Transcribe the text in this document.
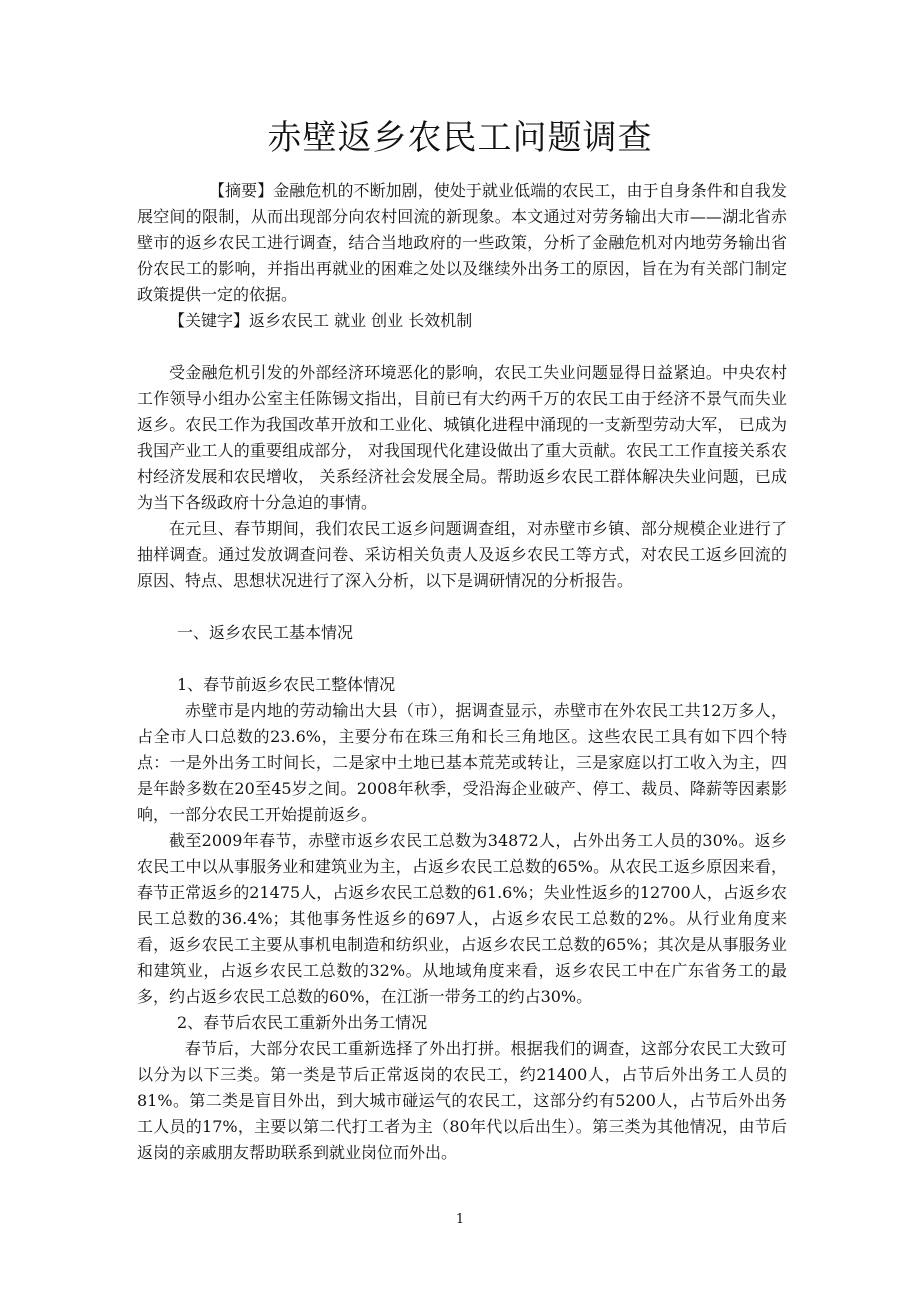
赤壁返乡农民工问题调查

【摘要】金融危机的不断加剧，使处于就业低端的农民工，由于自身条件和自我发展空间的限制，从而出现部分向农村回流的新现象。本文通过对劳务输出大市——湖北省赤壁市的返乡农民工进行调查，结合当地政府的一些政策，分析了金融危机对内地劳务输出省份农民工的影响，并指出再就业的困难之处以及继续外出务工的原因，旨在为有关部门制定政策提供一定的依据。

【关键字】返乡农民工 就业 创业 长效机制

受金融危机引发的外部经济环境恶化的影响，农民工失业问题显得日益紧迫。中央农村工作领导小组办公室主任陈锡文指出，目前已有大约两千万的农民工由于经济不景气而失业返乡。农民工作为我国改革开放和工业化、城镇化进程中涌现的一支新型劳动大军， 已成为我国产业工人的重要组成部分， 对我国现代化建设做出了重大贡献。农民工工作直接关系农村经济发展和农民增收， 关系经济社会发展全局。帮助返乡农民工群体解决失业问题，已成为当下各级政府十分急迫的事情。

在元旦、春节期间，我们农民工返乡问题调查组，对赤壁市乡镇、部分规模企业进行了抽样调查。通过发放调查问卷、采访相关负责人及返乡农民工等方式，对农民工返乡回流的原因、特点、思想状况进行了深入分析，以下是调研情况的分析报告。

一、返乡农民工基本情况

1、春节前返乡农民工整体情况

赤壁市是内地的劳动输出大县（市），据调查显示，赤壁市在外农民工共12万多人，占全市人口总数的23.6%，主要分布在珠三角和长三角地区。这些农民工具有如下四个特点：一是外出务工时间长，二是家中土地已基本荒芜或转让，三是家庭以打工收入为主，四是年龄多数在20至45岁之间。2008年秋季，受沿海企业破产、停工、裁员、降薪等因素影响，一部分农民工开始提前返乡。

截至2009年春节，赤壁市返乡农民工总数为34872人，占外出务工人员的30%。返乡农民工中以从事服务业和建筑业为主，占返乡农民工总数的65%。从农民工返乡原因来看，春节正常返乡的21475人，占返乡农民工总数的61.6%；失业性返乡的12700人，占返乡农民工总数的36.4%；其他事务性返乡的697人，占返乡农民工总数的2%。从行业角度来看，返乡农民工主要从事机电制造和纺织业，占返乡农民工总数的65%；其次是从事服务业和建筑业，占返乡农民工总数的32%。从地域角度来看，返乡农民工中在广东省务工的最多，约占返乡农民工总数的60%，在江浙一带务工的约占30%。

2、春节后农民工重新外出务工情况

春节后，大部分农民工重新选择了外出打拼。根据我们的调查，这部分农民工大致可以分为以下三类。第一类是节后正常返岗的农民工，约21400人，占节后外出务工人员的81%。第二类是盲目外出，到大城市碰运气的农民工，这部分约有5200人，占节后外出务工人员的17%，主要以第二代打工者为主（80年代以后出生）。第三类为其他情况，由节后返岗的亲戚朋友帮助联系到就业岗位而外出。

1
